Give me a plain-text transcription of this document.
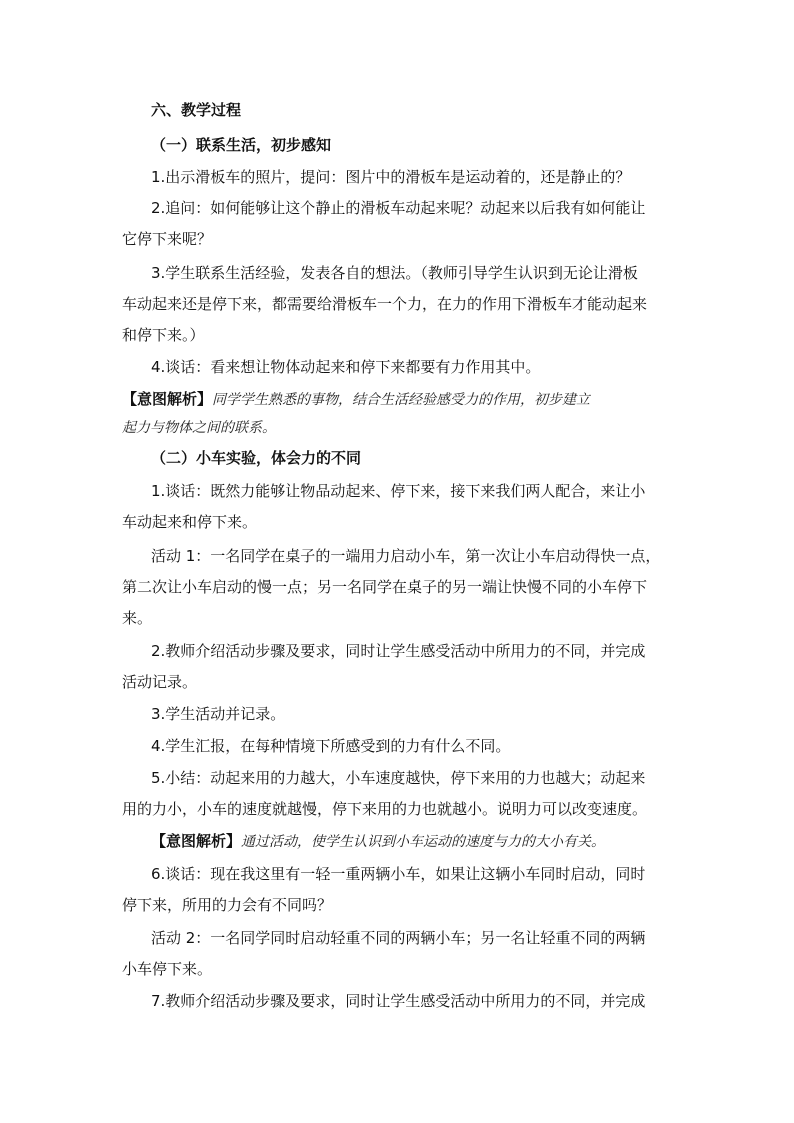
六、教学过程
（一）联系生活，初步感知
1.出示滑板车的照片，提问：图片中的滑板车是运动着的，还是静止的？
2.追问：如何能够让这个静止的滑板车动起来呢？动起来以后我有如何能让
它停下来呢？
3.学生联系生活经验，发表各自的想法。（教师引导学生认识到无论让滑板
车动起来还是停下来，都需要给滑板车一个力，在力的作用下滑板车才能动起来
和停下来。）
4.谈话：看来想让物体动起来和停下来都要有力作用其中。
【意图解析】同学学生熟悉的事物，结合生活经验感受力的作用，初步建立
起力与物体之间的联系。
（二）小车实验，体会力的不同
1.谈话：既然力能够让物品动起来、停下来，接下来我们两人配合，来让小
车动起来和停下来。
活动 1：一名同学在桌子的一端用力启动小车，第一次让小车启动得快一点，
第二次让小车启动的慢一点；另一名同学在桌子的另一端让快慢不同的小车停下
来。
2.教师介绍活动步骤及要求，同时让学生感受活动中所用力的不同，并完成
活动记录。
3.学生活动并记录。
4.学生汇报，在每种情境下所感受到的力有什么不同。
5.小结：动起来用的力越大，小车速度越快，停下来用的力也越大；动起来
用的力小，小车的速度就越慢，停下来用的力也就越小。说明力可以改变速度。
【意图解析】通过活动，使学生认识到小车运动的速度与力的大小有关。
6.谈话：现在我这里有一轻一重两辆小车，如果让这辆小车同时启动，同时
停下来，所用的力会有不同吗？
活动 2：一名同学同时启动轻重不同的两辆小车；另一名让轻重不同的两辆
小车停下来。
7.教师介绍活动步骤及要求，同时让学生感受活动中所用力的不同，并完成
